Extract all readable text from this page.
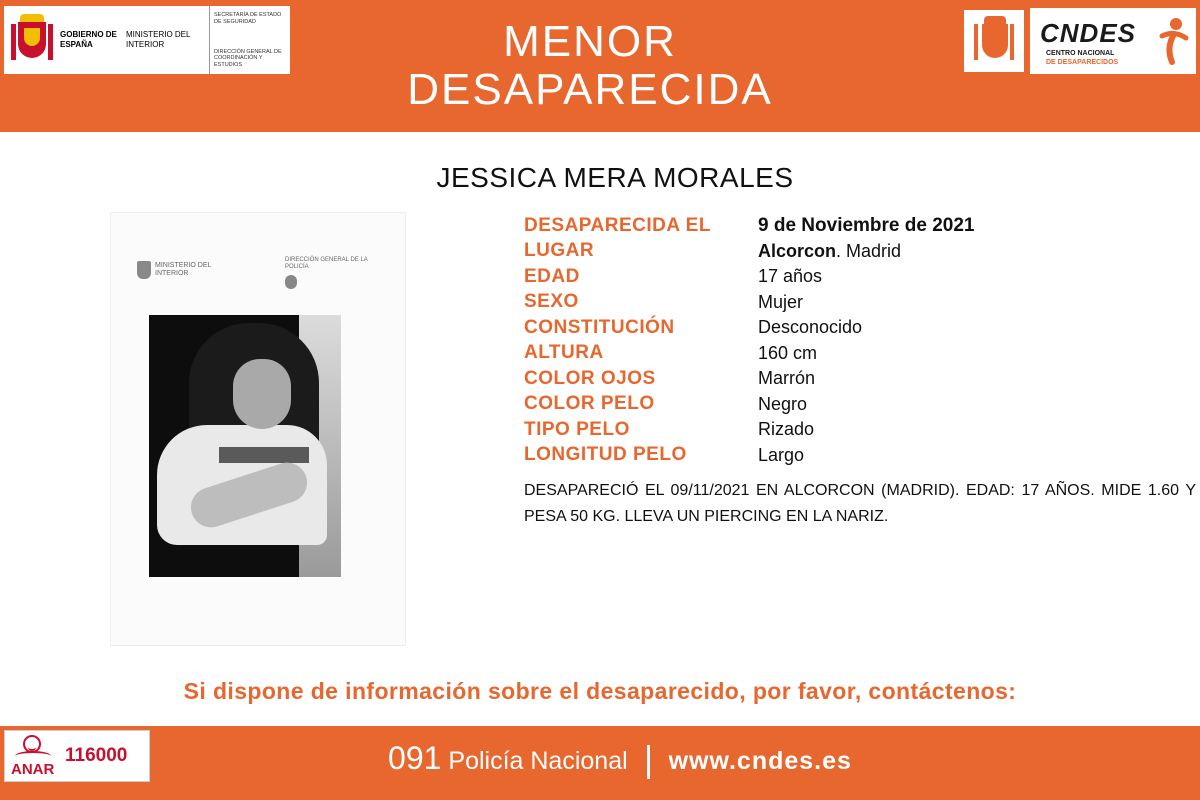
GOBIERNO DE ESPAÑA
MINISTERIO DEL INTERIOR
SECRETARÍA DE ESTADO DE SEGURIDAD
DIRECCIÓN GENERAL DE COORDINACIÓN Y ESTUDIOS	MENOR
DESAPARECIDA
CNDES
CENTRO NACIONAL
DE DESAPARECIDOS
JESSICA MERA MORALES
MINISTERIO DEL INTERIOR
DIRECCIÓN GENERAL DE LA POLICÍA
DESAPARECIDA EL	9 de Noviembre de 2021
LUGAR	Alcorcon. Madrid
EDAD	17 años
SEXO	Mujer
CONSTITUCIÓN	Desconocido
ALTURA	160 cm
COLOR OJOS	Marrón
COLOR PELO	Negro
TIPO PELO	Rizado
LONGITUD PELO	Largo
DESAPARECIÓ EL 09/11/2021 EN ALCORCON (MADRID). EDAD: 17 AÑOS. MIDE 1.60 Y PESA 50 KG. LLEVA UN PIERCING EN LA NARIZ.
Si dispone de información sobre el desaparecido, por favor, contáctenos:
ANAR
116000	091 Policía Nacional www.cndes.es
